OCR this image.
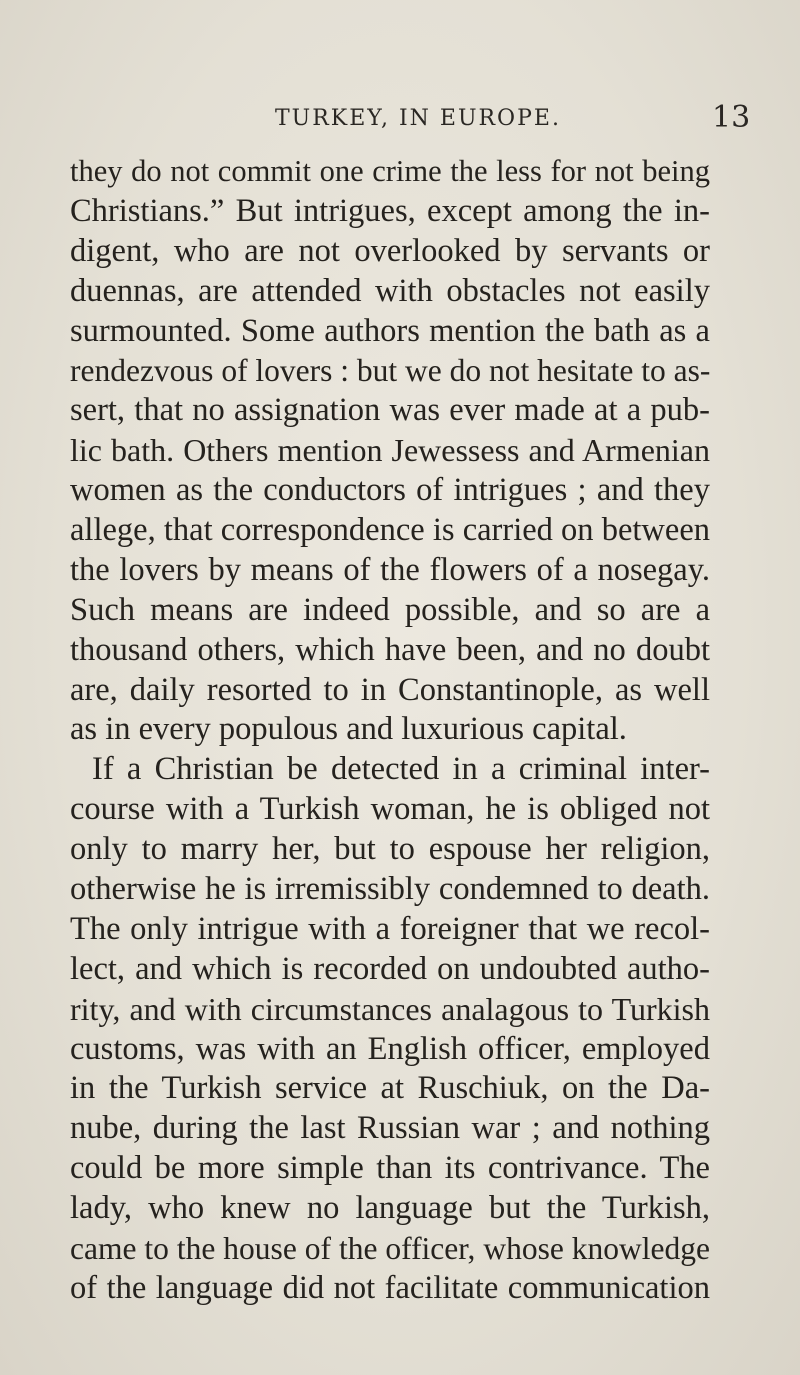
TURKEY, IN EUROPE.	13
they do not commit one crime the less for not being
Christians.” But intrigues, except among the in-
digent, who are not overlooked by servants or
duennas, are attended with obstacles not easily
surmounted. Some authors mention the bath as a
rendezvous of lovers : but we do not hesitate to as-
sert, that no assignation was ever made at a pub-
lic bath. Others mention Jewessess and Armenian
women as the conductors of intrigues ; and they
allege, that correspondence is carried on between
the lovers by means of the flowers of a nosegay.
Such means are indeed possible, and so are a
thousand others, which have been, and no doubt
are, daily resorted to in Constantinople, as well
as in every populous and luxurious capital.
If a Christian be detected in a criminal inter-
course with a Turkish woman, he is obliged not
only to marry her, but to espouse her religion,
otherwise he is irremissibly condemned to death.
The only intrigue with a foreigner that we recol-
lect, and which is recorded on undoubted autho-
rity, and with circumstances analagous to Turkish
customs, was with an English officer, employed
in the Turkish service at Ruschiuk, on the Da-
nube, during the last Russian war ; and nothing
could be more simple than its contrivance. The
lady, who knew no language but the Turkish,
came to the house of the officer, whose knowledge
of the language did not facilitate communication
